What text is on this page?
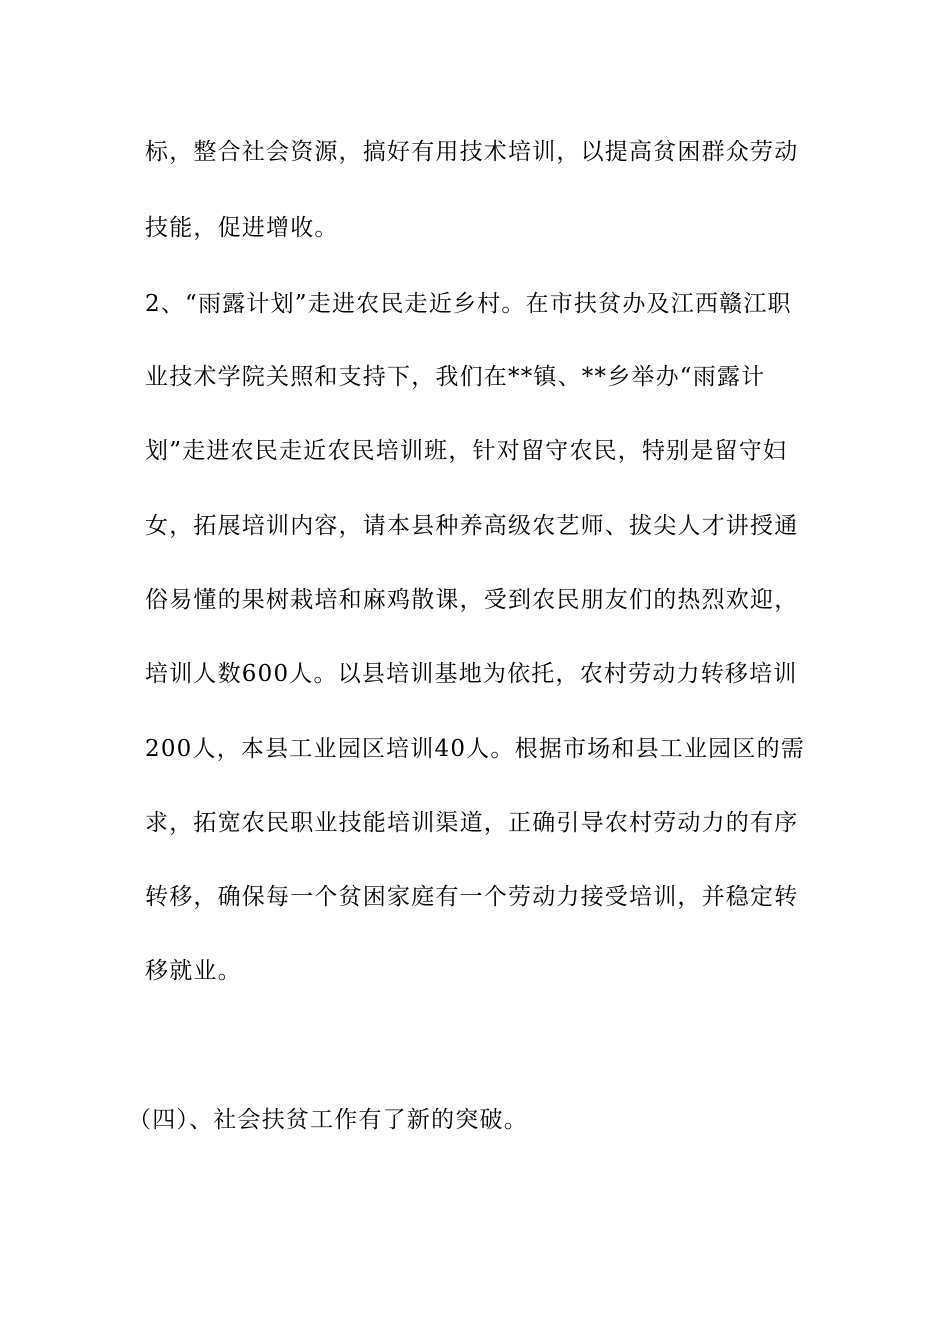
标，整合社会资源，搞好有用技术培训，以提高贫困群众劳动
技能，促进增收。
2、“雨露计划”走进农民走近乡村。在市扶贫办及江西赣江职
业技术学院关照和支持下，我们在**镇、**乡举办“雨露计
划”走进农民走近农民培训班，针对留守农民，特别是留守妇
女，拓展培训内容，请本县种养高级农艺师、拔尖人才讲授通
俗易懂的果树栽培和麻鸡散课，受到农民朋友们的热烈欢迎，
培训人数600人。以县培训基地为依托，农村劳动力转移培训
200人，本县工业园区培训40人。根据市场和县工业园区的需
求，拓宽农民职业技能培训渠道，正确引导农村劳动力的有序
转移，确保每一个贫困家庭有一个劳动力接受培训，并稳定转
移就业。
（四）、社会扶贫工作有了新的突破。
